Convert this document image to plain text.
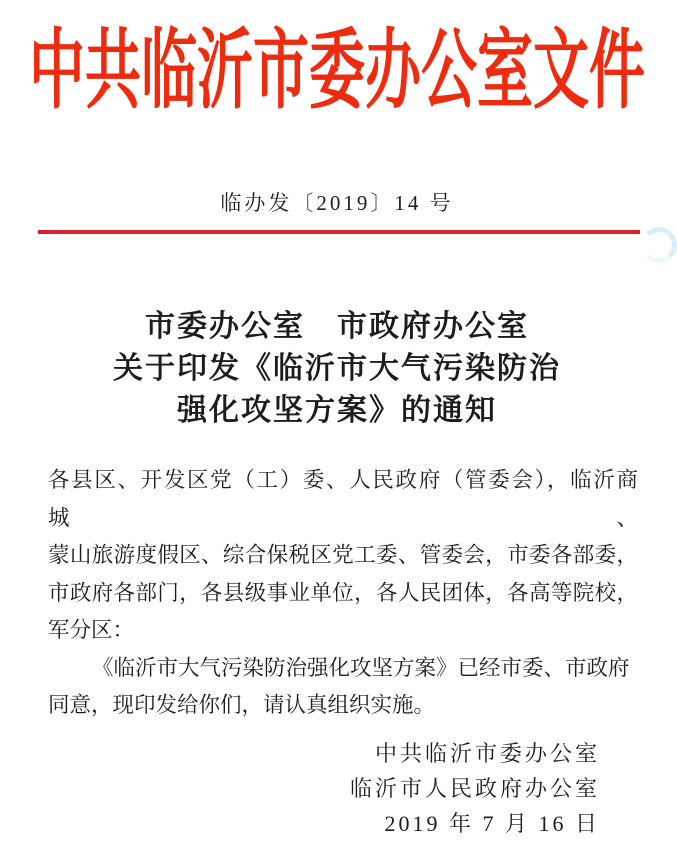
中共临沂市委办公室文件
临办发〔2019〕14 号
市委办公室　市政府办公室
关于印发《临沂市大气污染防治
强化攻坚方案》的通知
各县区、开发区党（工）委、人民政府（管委会），临沂商城、
蒙山旅游度假区、综合保税区党工委、管委会，市委各部委，
市政府各部门，各县级事业单位，各人民团体，各高等院校，
军分区：
《临沂市大气污染防治强化攻坚方案》已经市委、市政府
同意，现印发给你们，请认真组织实施。
中共临沂市委办公室
临沂市人民政府办公室
2019 年 7 月 16 日
